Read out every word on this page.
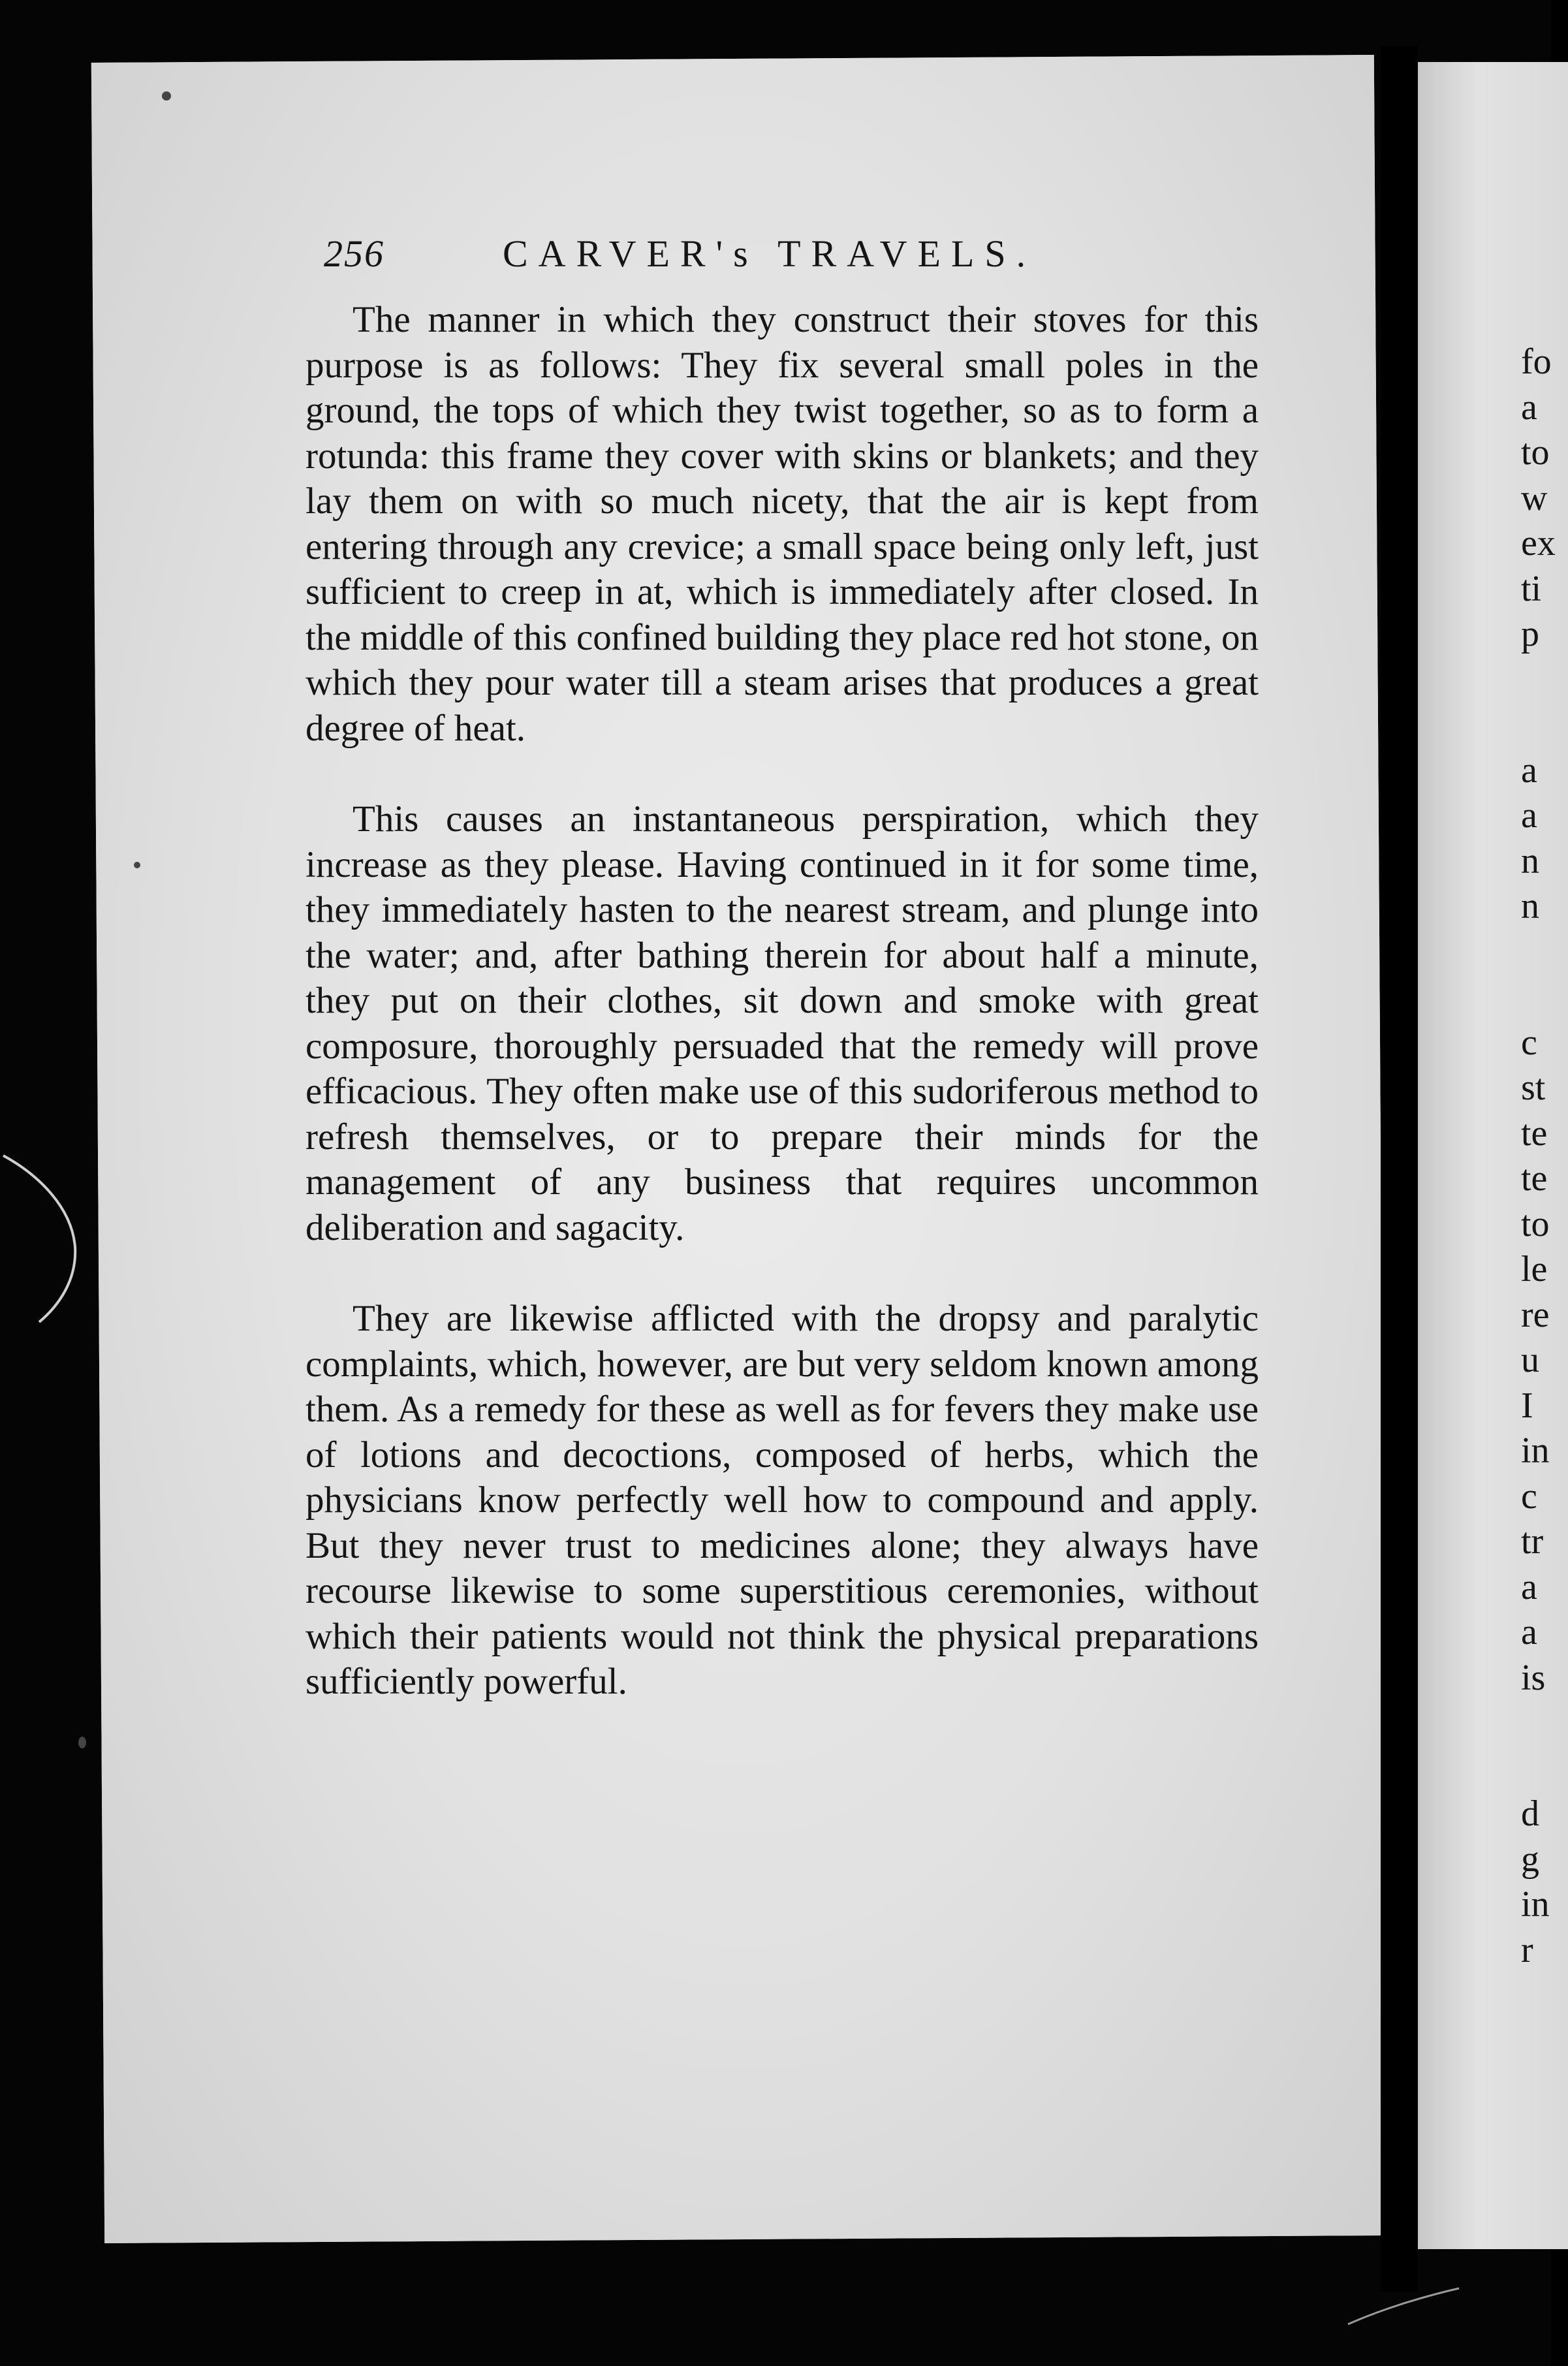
256	CARVER's TRAVELS.

The manner in which they construct their stoves for this purpose is as follows: They fix several small poles in the ground, the tops of which they twist together, so as to form a rotunda: this frame they cover with skins or blankets; and they lay them on with so much nicety, that the air is kept from entering through any crevice; a small space being only left, just sufficient to creep in at, which is immediately after closed. In the middle of this confined building they place red hot stone, on which they pour water till a steam arises that produces a great degree of heat.

This causes an instantaneous perspiration, which they increase as they please. Having continued in it for some time, they immediately hasten to the nearest stream, and plunge into the water; and, after bathing therein for about half a minute, they put on their clothes, sit down and smoke with great composure, thoroughly persuaded that the remedy will prove efficacious. They often make use of this sudoriferous method to refresh themselves, or to prepare their minds for the management of any business that requires uncommon deliberation and sagacity.

They are likewise afflicted with the dropsy and paralytic complaints, which, however, are but very seldom known among them. As a remedy for these as well as for fevers they make use of lotions and decoctions, composed of herbs, which the physicians know perfectly well how to compound and apply. But they never trust to medicines alone; they always have recourse likewise to some superstitious ceremonies, without which their patients would not think the physical preparations sufficiently powerful.

fo
a
to
w
ex
ti
p
a
a
n
n
c
st
te
te
to
le
re
u
I
in
c
tr
a
a
is
d
g
in
r
